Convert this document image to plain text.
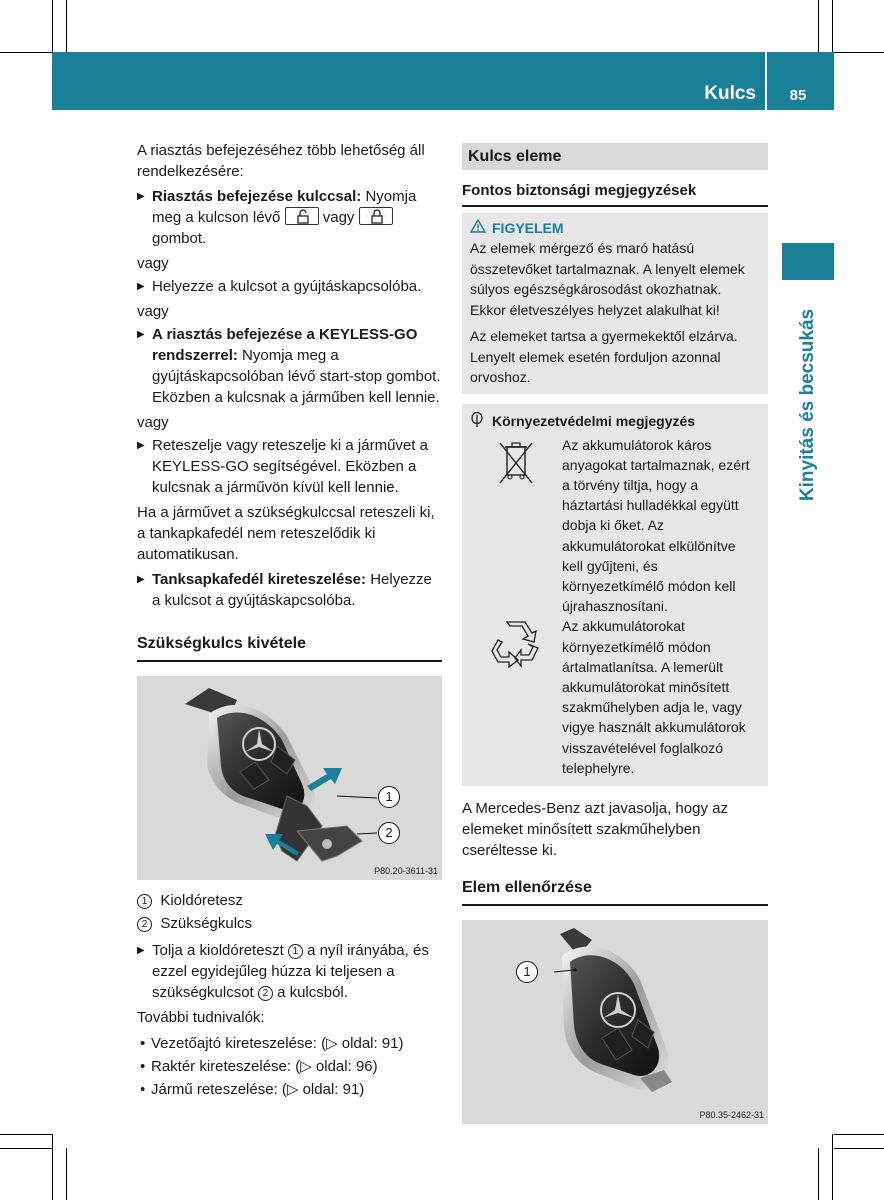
Kulcs	85
Kinyitás és becsukás

A riasztás befejezéséhez több lehetőség áll rendelkezésére:

▶ Riasztás befejezése kulccsal: Nyomja meg a kulcson lévő	vagy
gombot.
vagy
▶ Helyezze a kulcsot a gyújtáskapcsolóba.
vagy
▶ A riasztás befejezése a KEYLESS-GO rendszerrel: Nyomja meg a gyújtáskapcsolóban lévő start-stop gombot. Eközben a kulcsnak a járműben kell lennie.
vagy
▶ Reteszelje vagy reteszelje ki a járművet a KEYLESS-GO segítségével. Eközben a kulcsnak a járművön kívül kell lennie.

Ha a járművet a szükségkulccsal reteszeli ki, a tankapkafedél nem reteszelődik ki automatikusan.

▶ Tanksapkafedél kireteszelése: Helyezze a kulcsot a gyújtáskapcsolóba.
Szükségkulcs kivétele
1
2
P80.20-3611-31
1 Kioldóretesz
2 Szükségkulcs
▶ Tolja a kioldóreteszt 1 a nyíl irányába, és ezzel egyidejűleg húzza ki teljesen a szükségkulcsot 2 a kulcsból.

További tudnivalók:

• Vezetőajtó kireteszelése: (▷ oldal: 91)
• Raktér kireteszelése: (▷ oldal: 96)
• Jármű reteszelése: (▷ oldal: 91)
Kulcs eleme
Fontos biztonsági megjegyzések
FIGYELEM

Az elemek mérgező és maró hatású összetevőket tartalmaznak. A lenyelt elemek súlyos egészségkárosodást okozhatnak. Ekkor életveszélyes helyzet alakulhat ki!

Az elemeket tartsa a gyermekektől elzárva. Lenyelt elemek esetén forduljon azonnal orvoshoz.

Környezetvédelmi megjegyzés
Az akkumulátorok káros anyagokat tartalmaznak, ezért a törvény tiltja, hogy a háztartási hulladékkal együtt dobja ki őket. Az akkumulátorokat elkülönítve kell gyűjteni, és környezetkímélő módon kell újrahasznosítani.
Az akkumulátorokat környezetkímélő módon ártalmatlanítsa. A lemerült akkumulátorokat minősített szakműhelyben adja le, vagy vigye használt akkumulátorok visszavételével foglalkozó telephelyre.

A Mercedes-Benz azt javasolja, hogy az elemeket minősített szakműhelyben cseréltesse ki.

Elem ellenőrzése
1
P80.35-2462-31
